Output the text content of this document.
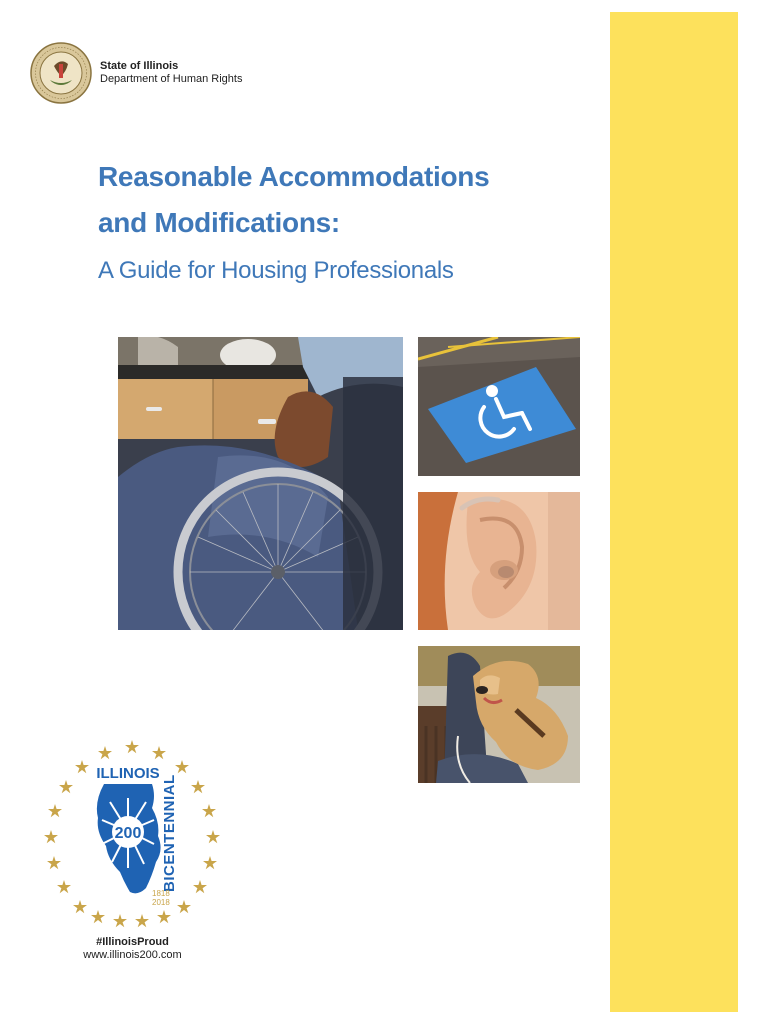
State of Illinois
Department of Human Rights
Reasonable Accommodations
and Modifications:
A Guide for Housing Professionals
200
ILLINOIS
BICENTENNIAL
1818
2018
#IllinoisProud
www.illinois200.com
